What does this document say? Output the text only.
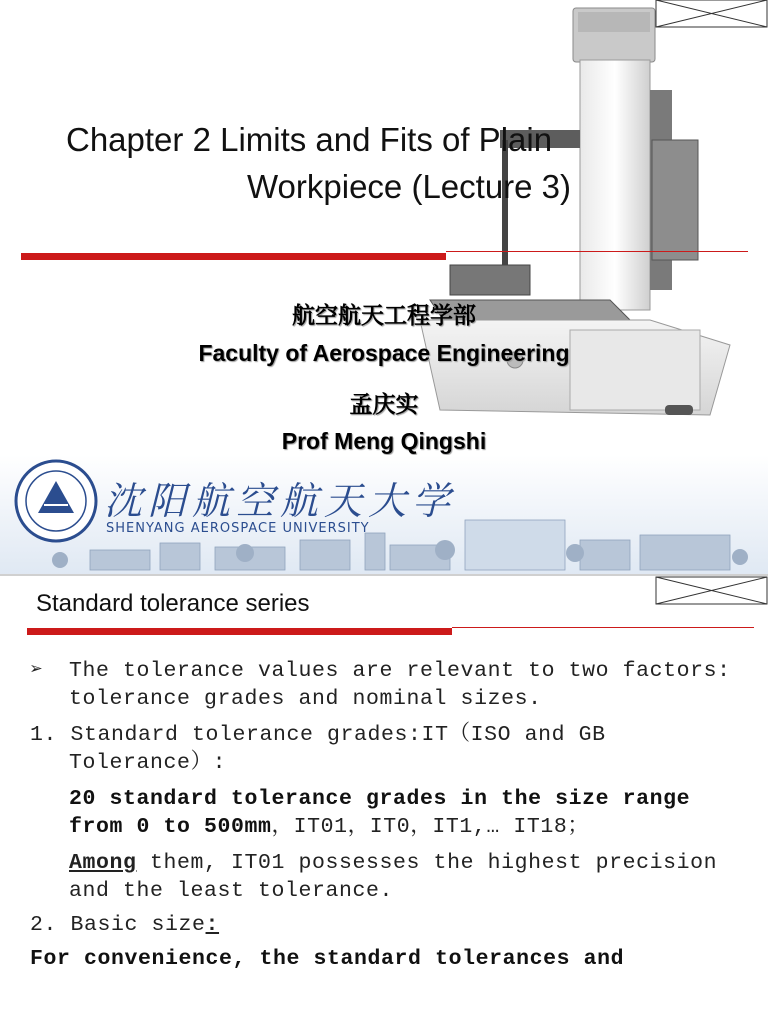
Chapter 2 Limits and Fits of Plain
Workpiece (Lecture 3)
航空航天工程学部
Faculty of Aerospace Engineering
孟庆实
Prof Meng Qingshi
沈阳航空航天大学
SHENYANG AEROSPACE UNIVERSITY
Standard tolerance series

➢ The tolerance values are relevant to two factors: tolerance grades and nominal sizes.

1. Standard tolerance grades:IT（ISO and GB Tolerance）:

20 standard tolerance grades in the size range from 0 to 500mm，IT01，IT0，IT1,… IT18；

Among them, IT01 possesses the highest precision and the least tolerance.

2. Basic size:

For convenience, the standard tolerances and
